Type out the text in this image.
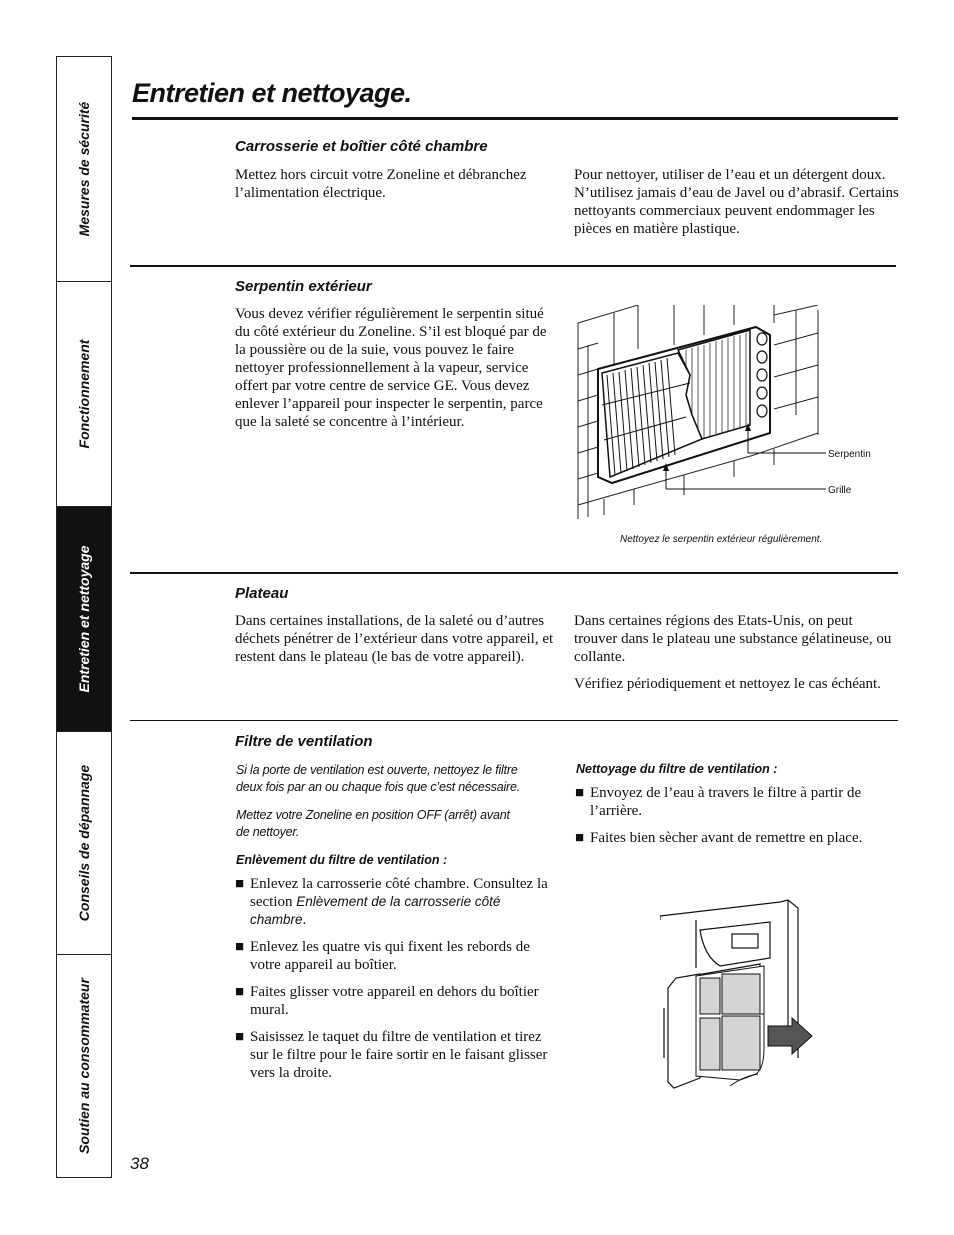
Mesures de sécurité
Fonctionnement
Entretien et nettoyage
Conseils de dépannage
Soutien au consommateur
Entretien et nettoyage.
Carrosserie et boîtier côté chambre
Mettez hors circuit votre Zoneline et débranchez l’alimentation électrique.
Pour nettoyer, utiliser de l’eau et un détergent doux. N’utilisez jamais d’eau de Javel ou d’abrasif. Certains nettoyants commerciaux peuvent endommager les pièces en matière plastique.
Serpentin extérieur
Vous devez vérifier régulièrement le serpentin situé du côté extérieur du Zoneline. S’il est bloqué par de la poussière ou de la suie, vous pouvez le faire nettoyer professionnellement à la vapeur, service offert par votre centre de service GE. Vous devez enlever l’appareil pour inspecter le serpentin, parce que la saleté se concentre à l’intérieur.
Serpentin
Grille
Nettoyez le serpentin extérieur régulièrement.
Plateau
Dans certaines installations, de la saleté ou d’autres déchets pénétrer de l’extérieur dans votre appareil, et restent dans le plateau (le bas de votre appareil).

Dans certaines régions des Etats-Unis, on peut trouver dans le plateau une substance gélatineuse, ou collante.

Vérifiez périodiquement et nettoyez le cas échéant.

Filtre de ventilation
Si la porte de ventilation est ouverte, nettoyez le filtre deux fois par an ou chaque fois que c’est nécessaire.
Mettez votre Zoneline en position OFF (arrêt) avant de nettoyer.
Enlèvement du filtre de ventilation :
■ Enlevez la carrosserie côté chambre. Consultez la section Enlèvement de la carrosserie côté chambre.
■ Enlevez les quatre vis qui fixent les rebords de votre appareil au boîtier.
■ Faites glisser votre appareil en dehors du boîtier mural.
■ Saisissez le taquet du filtre de ventilation et tirez sur le filtre pour le faire sortir en le faisant glisser vers la droite.
Nettoyage du filtre de ventilation :
■ Envoyez de l’eau à travers le filtre à partir de l’arrière.
■ Faites bien sècher avant de remettre en place.
38
